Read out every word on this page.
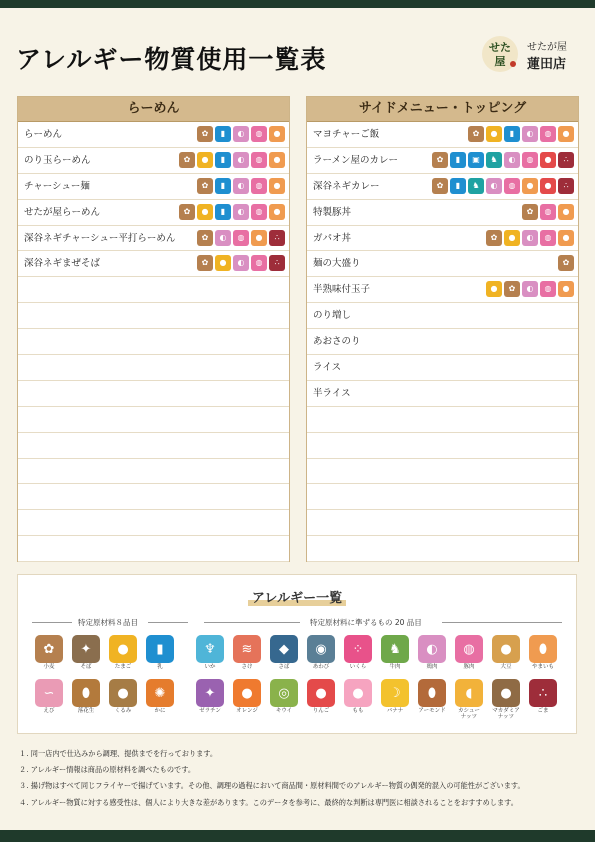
アレルギー物質使用一覧表	せた
屋
せたが屋
蓮田店
らーめん
らーめん	✿	▮	◐	◍	●
のり玉らーめん	✿	●	▮	◐	◍	●
チャーシュー麺	✿	▮	◐	◍	●
せたが屋らーめん	✿	●	▮	◐	◍	●
深谷ネギチャーシュー平打らーめん	✿	◐	◍	●	∴
深谷ネギまぜそば	✿	●	◐	◍	∴
サイドメニュー・トッピング
マヨチャーご飯	✿	●	▮	◐	◍	●
ラーメン屋のカレー	✿	▮	▣	♞	◐	◍	●	∴
深谷ネギカレー	✿	▮	♞	◐	◍	●	●	∴
特製豚丼	✿	◍	●
ガパオ丼	✿	●	◐	◍	●
麺の大盛り	✿
半熟味付玉子	●	✿	◐	◍	●
のり増し
あおさのり
ライス
半ライス
アレルギー一覧
特定原材料８品目	特定原材料に準ずるもの 20 品目
✿
小麦
✦
そば
●
たまご
▮
乳
∽
えび
⬮
落花生
●
くるみ
✺
かに
♆
いか
≋
さけ
◆
さば
◉
あわび
⁘
いくら
♞
牛肉
◐
鶏肉
◍
豚肉
●
大豆
⬮
やまいも
✦
ゼラチン
●
オレンジ
◎
キウイ
●
りんご
●
もも
☽
バナナ
⬮
アーモンド
◖
カシュー
ナッツ
●
マカダミア
ナッツ
∴
ごま
１. 同一店内で仕込みから調理、提供までを行っております。
２. アレルギー情報は商品の原材料を調べたものです。
３. 揚げ物はすべて同じフライヤーで揚げています。その他、調理の過程において商品間・原材料間でのアレルギー物質の偶発的混入の可能性がございます。
４. アレルギー物質に対する感受性は、個人により大きな差があります。このデータを参考に、最終的な判断は専門医に相談されることをおすすめします。
